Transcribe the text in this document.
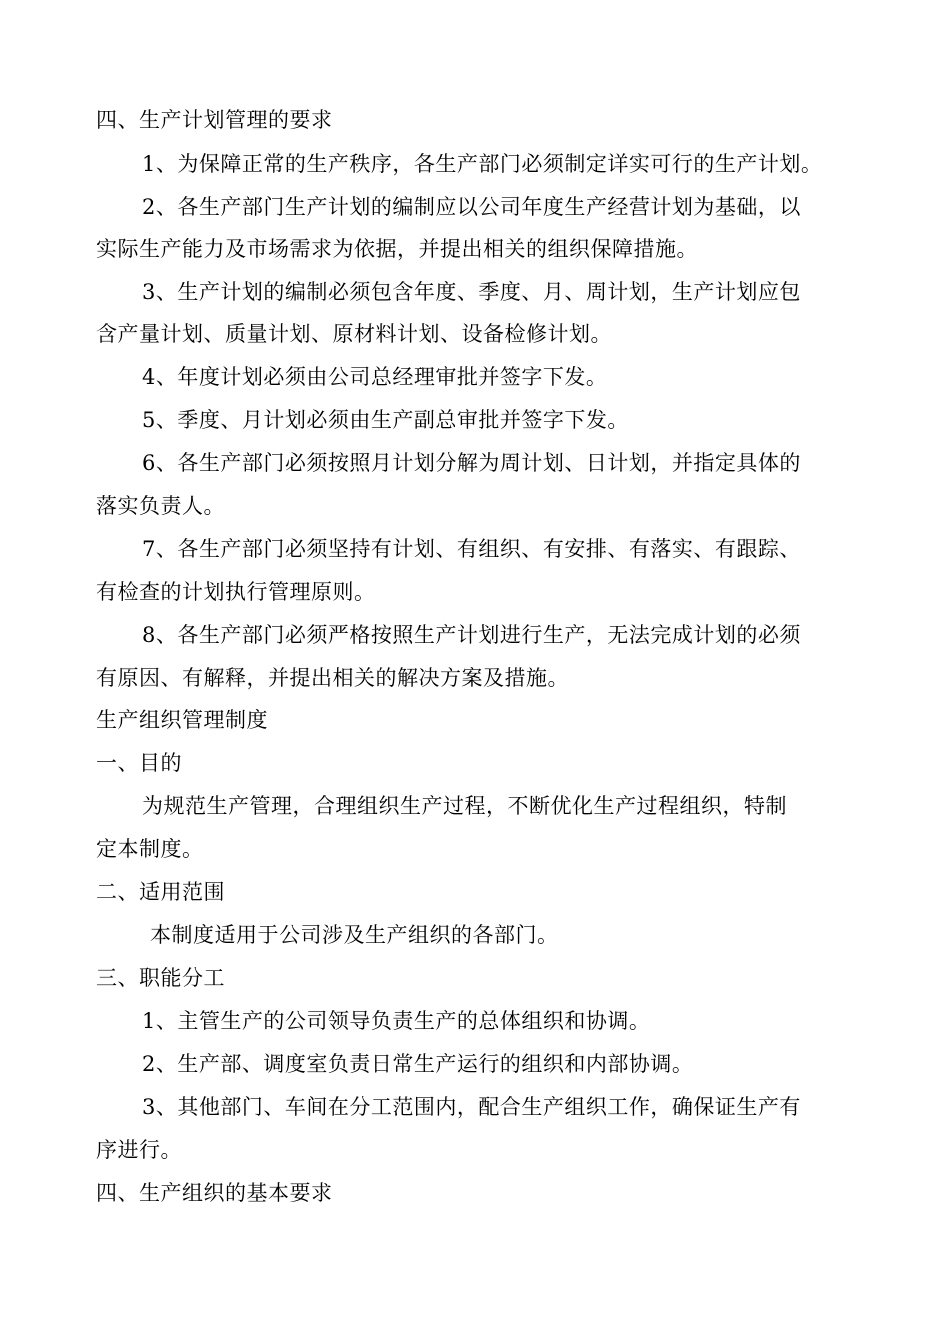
四、生产计划管理的要求
1、为保障正常的生产秩序，各生产部门必须制定详实可行的生产计划。
2、各生产部门生产计划的编制应以公司年度生产经营计划为基础，以
实际生产能力及市场需求为依据，并提出相关的组织保障措施。
3、生产计划的编制必须包含年度、季度、月、周计划，生产计划应包
含产量计划、质量计划、原材料计划、设备检修计划。
4、年度计划必须由公司总经理审批并签字下发。
5、季度、月计划必须由生产副总审批并签字下发。
6、各生产部门必须按照月计划分解为周计划、日计划，并指定具体的
落实负责人。
7、各生产部门必须坚持有计划、有组织、有安排、有落实、有跟踪、
有检查的计划执行管理原则。
8、各生产部门必须严格按照生产计划进行生产，无法完成计划的必须
有原因、有解释，并提出相关的解决方案及措施。
生产组织管理制度
一、目的
为规范生产管理，合理组织生产过程，不断优化生产过程组织，特制
定本制度。
二、适用范围
本制度适用于公司涉及生产组织的各部门。
三、职能分工
1、主管生产的公司领导负责生产的总体组织和协调。
2、生产部、调度室负责日常生产运行的组织和内部协调。
3、其他部门、车间在分工范围内，配合生产组织工作，确保证生产有
序进行。
四、生产组织的基本要求
